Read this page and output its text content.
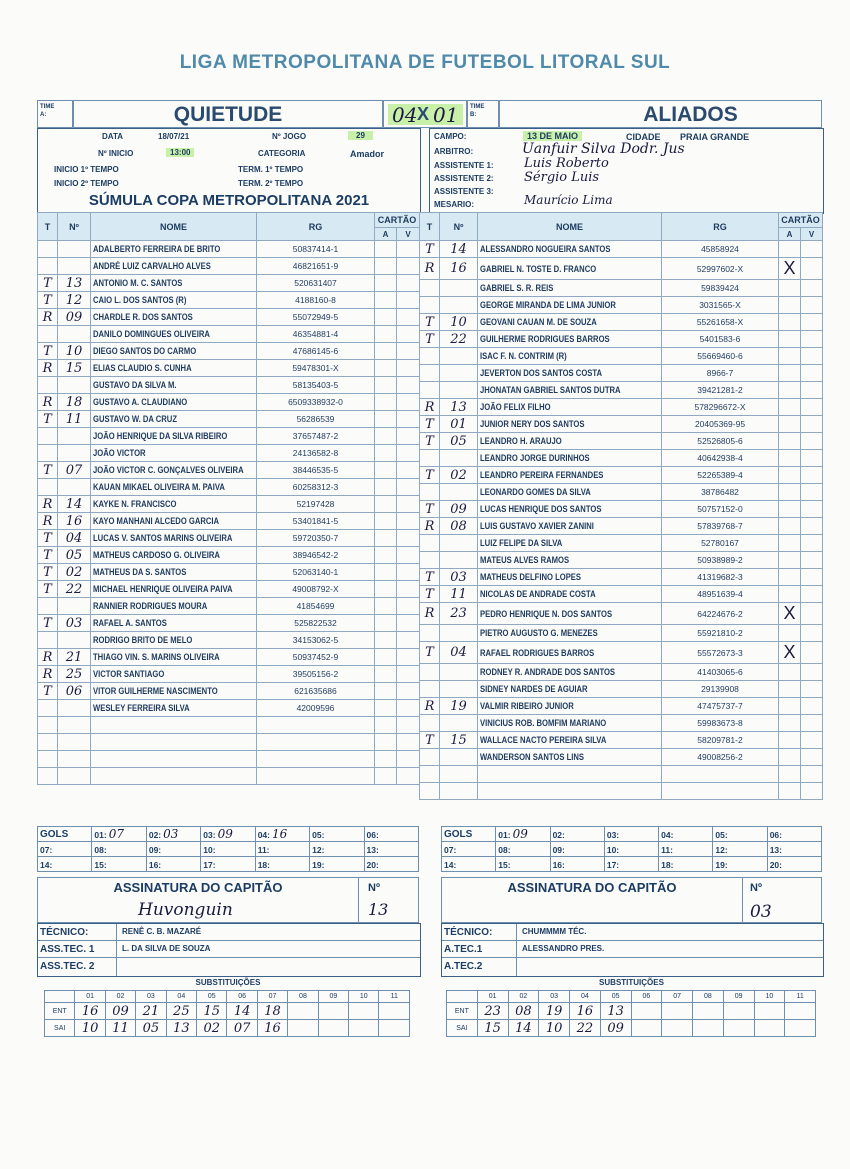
LIGA METROPOLITANA DE FUTEBOL LITORAL SUL
TIME A:	QUIETUDE	04 X 01	TIME B:	ALIADOS
DATA	18/07/21	Nº JOGO	29
Nº INICIO	13:00	CATEGORIA	Amador
INICIO 1º TEMPO	TERM. 1º TEMPO
INICIO 2º TEMPO	TERM. 2º TEMPO
SÚMULA COPA METROPOLITANA 2021
CAMPO:	13 DE MAIO	CIDADE PRAIA GRANDE
ARBITRO:	Uanfuir Silva Dodr. Jus
ASSISTENTE 1: Luis Roberto
ASSISTENTE 2: Sérgio Luis
ASSISTENTE 3:
MESARIO:	Maurício Lima
T	Nº	NOME	RG	CARTÃO	
				A	V

		ADALBERTO FERREIRA DE BRITO	50837414-1		

		ANDRÉ LUIZ CARVALHO ALVES	46821651-9		
T	13	ANTONIO M. C. SANTOS	520631407		
T	12	CAIO L. DOS SANTOS (R)	4188160-8		
R	09	CHARDLE R. DOS SANTOS	55072949-5		

		DANILO DOMINGUES OLIVEIRA	46354881-4		
T	10	DIEGO SANTOS DO CARMO	47686145-6		
R	15	ELIAS CLAUDIO S. CUNHA	59478301-X		

		GUSTAVO DA SILVA M.	58135403-5		
R	18	GUSTAVO A. CLAUDIANO	6509338932-0		
T	11	GUSTAVO W. DA CRUZ	56286539		

		JOÃO HENRIQUE DA SILVA RIBEIRO	37657487-2		

		JOÃO VICTOR	24136582-8		
T	07	JOÃO VICTOR C. GONÇALVES OLIVEIRA	38446535-5		

		KAUAN MIKAEL OLIVEIRA M. PAIVA	60258312-3		
R	14	KAYKE N. FRANCISCO	52197428		
R	16	KAYO MANHANI ALCEDO GARCIA	53401841-5		
T	04	LUCAS V. SANTOS MARINS OLIVEIRA	59720350-7		
T	05	MATHEUS CARDOSO G. OLIVEIRA	38946542-2		
T	02	MATHEUS DA S. SANTOS	52063140-1		
T	22	MICHAEL HENRIQUE OLIVEIRA PAIVA	49008792-X		

		RANNIER RODRIGUES MOURA	41854699		
T	03	RAFAEL A. SANTOS	525822532		

		RODRIGO BRITO DE MELO	34153062-5		
R	21	THIAGO VIN. S. MARINS OLIVEIRA	50937452-9		
R	25	VICTOR SANTIAGO	39505156-2		
T	06	VITOR GUILHERME NASCIMENTO	621635686		

		WESLEY FERREIRA SILVA	42009596		

T	Nº	NOME	RG	CARTÃO	
				A	V
T	14	ALESSANDRO NOGUEIRA SANTOS	45858924		
R	16	GABRIEL N. TOSTE D. FRANCO	52997602-X	X	

		GABRIEL S. R. REIS	59839424		

		GEORGE MIRANDA DE LIMA JUNIOR	3031565-X		
T	10	GEOVANI CAUAN M. DE SOUZA	55261658-X		
T	22	GUILHERME RODRIGUES BARROS	5401583-6		

		ISAC F. N. CONTRIM (R)	55669460-6		

		JEVERTON DOS SANTOS COSTA	8966-7		

		JHONATAN GABRIEL SANTOS DUTRA	39421281-2		
R	13	JOÃO FELIX FILHO	578296672-X		
T	01	JUNIOR NERY DOS SANTOS	20405369-95		
T	05	LEANDRO H. ARAUJO	52526805-6		

		LEANDRO JORGE DURINHOS	40642938-4		
T	02	LEANDRO PEREIRA FERNANDES	52265389-4		

		LEONARDO GOMES DA SILVA	38786482		
T	09	LUCAS HENRIQUE DOS SANTOS	50757152-0		
R	08	LUIS GUSTAVO XAVIER ZANINI	57839768-7		

		LUIZ FELIPE DA SILVA	52780167		

		MATEUS ALVES RAMOS	50938989-2		
T	03	MATHEUS DELFINO LOPES	41319682-3		
T	11	NICOLAS DE ANDRADE COSTA	48951639-4		
R	23	PEDRO HENRIQUE N. DOS SANTOS	64224676-2	X	

		PIETRO AUGUSTO G. MENEZES	55921810-2		
T	04	RAFAEL RODRIGUES BARROS	55572673-3	X	

		RODNEY R. ANDRADE DOS SANTOS	41403065-6		

		SIDNEY NARDES DE AGUIAR	29139908		
R	19	VALMIR RIBEIRO JUNIOR	47475737-7		

		VINICIUS ROB. BOMFIM MARIANO	59983673-8		
T	15	WALLACE NACTO PEREIRA SILVA	58209781-2		

		WANDERSON SANTOS LINS	49008256-2		

GOLS	01: 07	02: 03	03: 09	04: 16	05:	06:
07:	08:	09:	10:	11:	12:	13:
14:	15:	16:	17:	18:	19:	20:
GOLS	01: 09	02:	03:	04:	05:	06:
07:	08:	09:	10:	11:	12:	13:
14:	15:	16:	17:	18:	19:	20:
ASSINATURA DO CAPITÃO	Nº
13
Huvonguin
ASSINATURA DO CAPITÃO	Nº
03
TÉCNICO:	RENÊ C. B. MAZARÉ
ASS.TEC. 1	L. DA SILVA DE SOUZA
ASS.TEC. 2
TÉCNICO:	CHUMMMM TÉC.
A.TEC.1	ALESSANDRO PRES.
A.TEC.2
SUBSTITUIÇÕES
	01	02	03	04	05	06	07	08	09	10	11
ENT	16	09	21	25	15	14	18				
SAI	10	11	05	13	02	07	16				
SUBSTITUIÇÕES
	01	02	03	04	05	06	07	08	09	10	11
ENT	23	08	19	16	13						
SAI	15	14	10	22	09						
